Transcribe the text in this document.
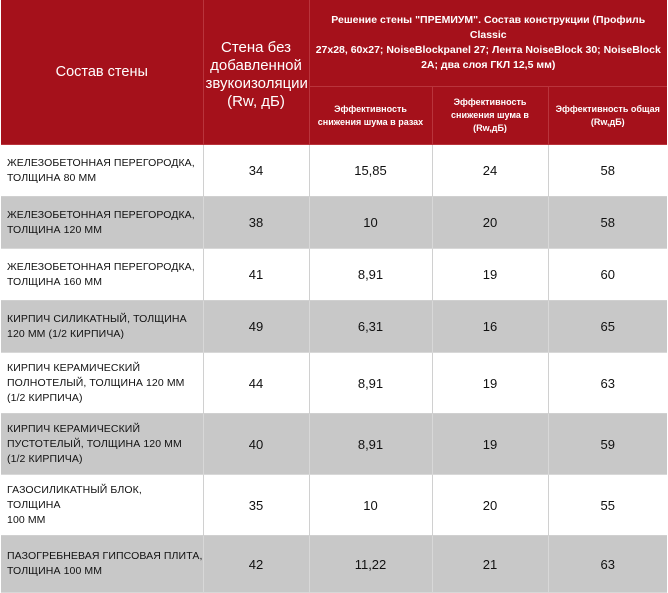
Состав стены	Стена без
добавленной
звукоизоляции
(Rw, дБ)	Решение стены "ПРЕМИУМ". Состав конструкции (Профиль Classic
27x28, 60x27; NoiseBlockpanel 27; Лента NoiseBlock 30; NoiseBlock
2A; два слоя ГКЛ 12,5 мм)		

		Эффективность
снижения шума в разах	Эффективность
снижения шума в
(Rw,дБ)	Эффективность общая
(Rw,дБ)

ЖЕЛЕЗОБЕТОННАЯ ПЕРЕГОРОДКА,
ТОЛЩИНА 80 ММ	34	15,85	24	58

ЖЕЛЕЗОБЕТОННАЯ ПЕРЕГОРОДКА,
ТОЛЩИНА 120 ММ	38	10	20	58

ЖЕЛЕЗОБЕТОННАЯ ПЕРЕГОРОДКА,
ТОЛЩИНА 160 ММ	41	8,91	19	60

КИРПИЧ СИЛИКАТНЫЙ, ТОЛЩИНА
120 ММ (1/2 КИРПИЧА)	49	6,31	16	65

КИРПИЧ КЕРАМИЧЕСКИЙ
ПОЛНОТЕЛЫЙ, ТОЛЩИНА 120 ММ
(1/2 КИРПИЧА)	44	8,91	19	63

КИРПИЧ КЕРАМИЧЕСКИЙ
ПУСТОТЕЛЫЙ, ТОЛЩИНА 120 ММ
(1/2 КИРПИЧА)	40	8,91	19	59

ГАЗОСИЛИКАТНЫЙ БЛОК,
ТОЛЩИНА
100 ММ	35	10	20	55

ПАЗОГРЕБНЕВАЯ ГИПСОВАЯ ПЛИТА,
ТОЛЩИНА 100 ММ	42	11,22	21	63
